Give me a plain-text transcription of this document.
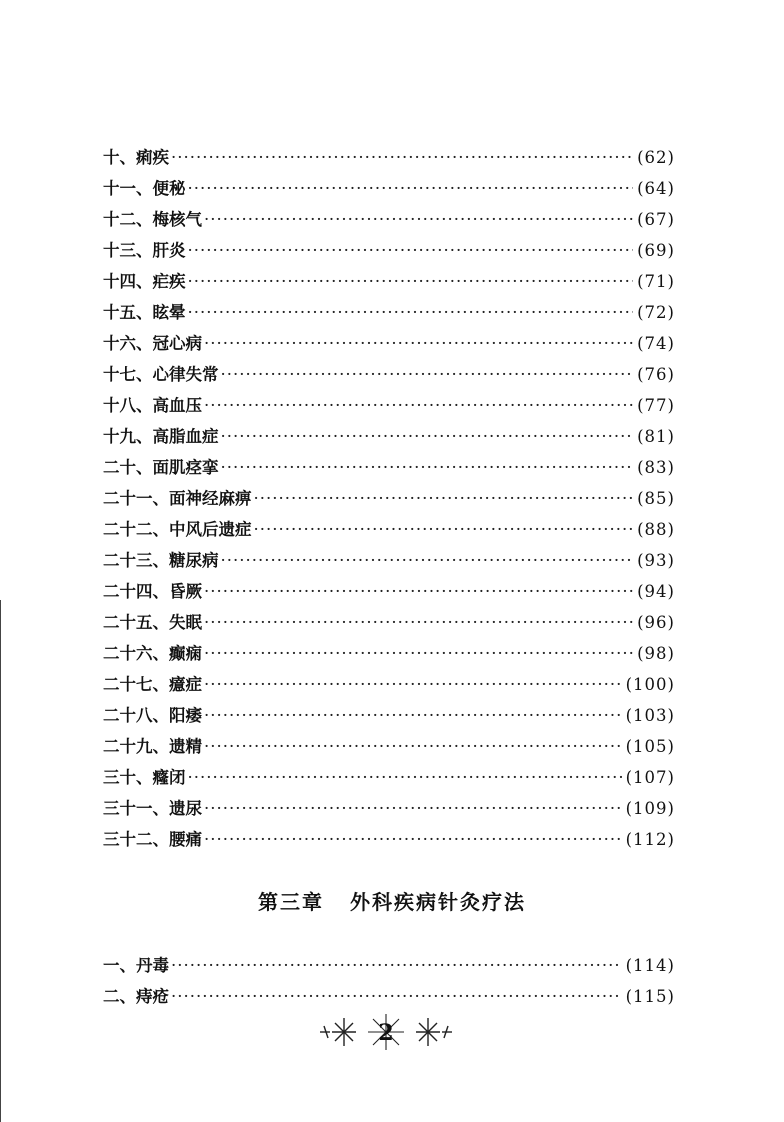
十、痢疾 ·····	(62)
十一、便秘 ·····	(64)
十二、梅核气 ·····	(67)
十三、肝炎 ·····	(69)
十四、疟疾 ·····	(71)
十五、眩晕 ·····	(72)
十六、冠心病 ·····	(74)
十七、心律失常 ·····	(76)
十八、高血压 ·····	(77)
十九、高脂血症 ·····	(81)
二十、面肌痉挛 ·····	(83)
二十一、面神经麻痹 ·····	(85)
二十二、中风后遗症 ·····	(88)
二十三、糖尿病 ·····	(93)
二十四、昏厥 ·····	(94)
二十五、失眠 ·····	(96)
二十六、癫痫 ·····	(98)
二十七、癔症 ·····	(100)
二十八、阳痿 ·····	(103)
二十九、遗精 ·····	(105)
三十、癃闭 ·····	(107)
三十一、遗尿 ·····	(109)
三十二、腰痛 ·····	(112)
第三章 外科疾病针灸疗法
一、丹毒 ·····	(114)
二、痔疮 ·····	(115)
2
